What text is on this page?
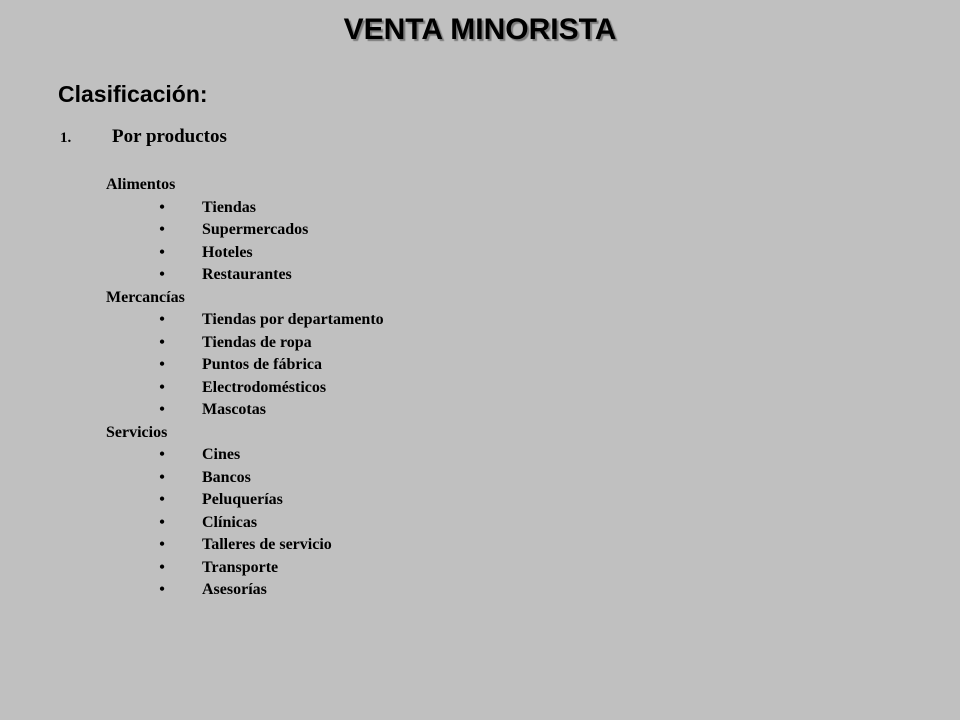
VENTA MINORISTA
Clasificación:
1. Por productos
Alimentos
• Tiendas
• Supermercados
• Hoteles
• Restaurantes
Mercancías
• Tiendas por departamento
• Tiendas de ropa
• Puntos de fábrica
• Electrodomésticos
• Mascotas
Servicios
• Cines
• Bancos
• Peluquerías
• Clínicas
• Talleres de servicio
• Transporte
• Asesorías
